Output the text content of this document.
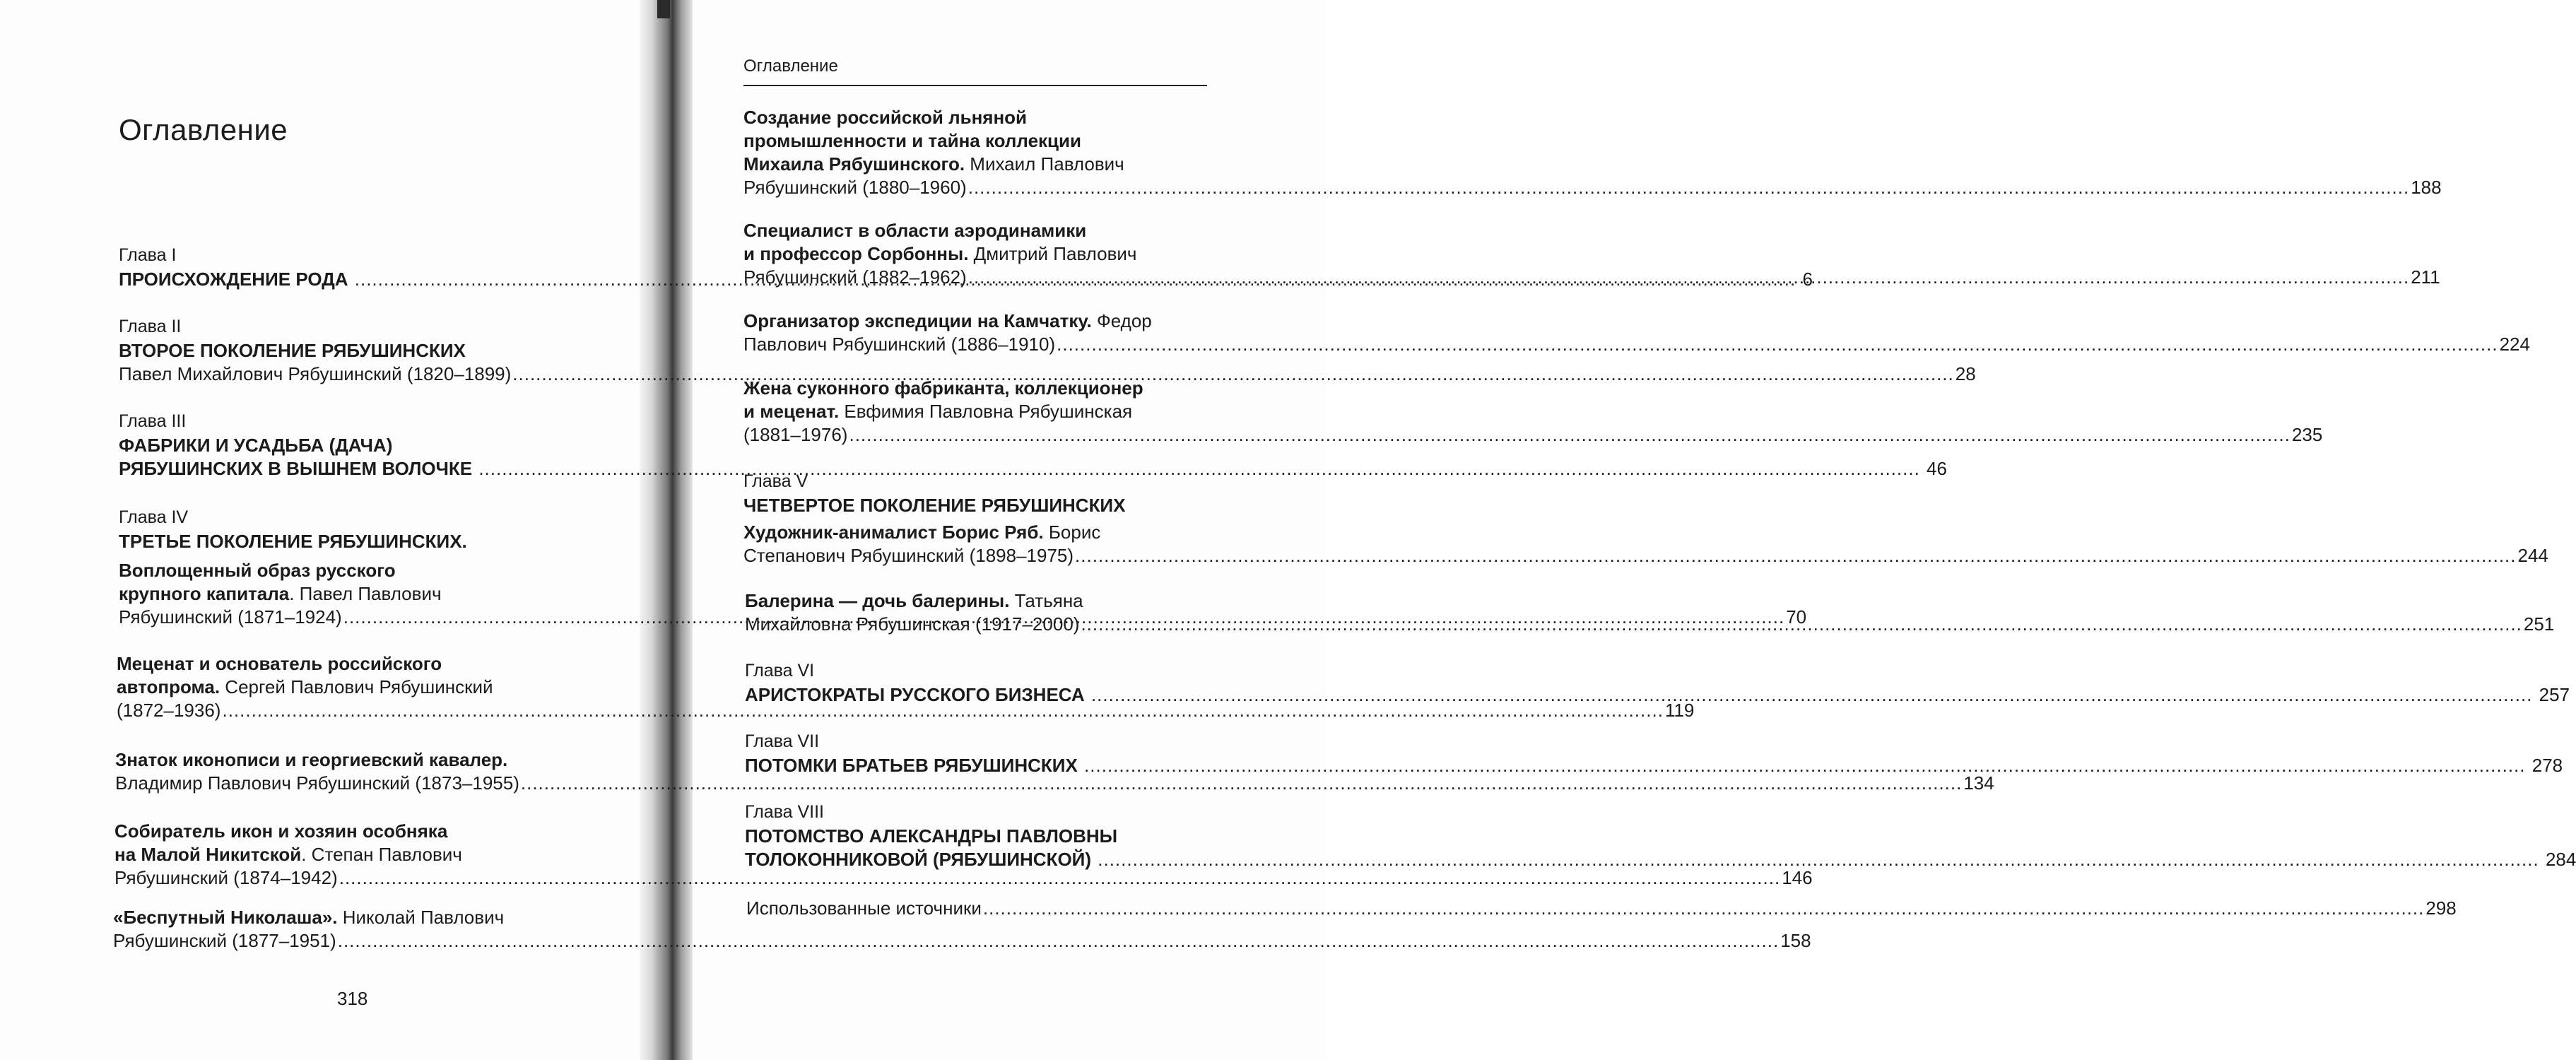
Оглавление
Глава I
ПРОИСХОЖДЕНИЕ РОДА .....	6
Глава II
ВТОРОЕ ПОКОЛЕНИЕ РЯБУШИНСКИХ
Павел Михайлович Рябушинский (1820–1899) .....	28
Глава III
ФАБРИКИ И УСАДЬБА (ДАЧА)
РЯБУШИНСКИХ В ВЫШНЕМ ВОЛОЧКЕ .....	46
Глава IV
ТРЕТЬЕ ПОКОЛЕНИЕ РЯБУШИНСКИХ.
Воплощенный образ русского
крупного капитала. Павел Павлович
Рябушинский (1871–1924) .....	70
Меценат и основатель российского
автопрома. Сергей Павлович Рябушинский
(1872–1936) .....	119
Знаток иконописи и георгиевский кавалер.
Владимир Павлович Рябушинский (1873–1955) .....	134
Собиратель икон и хозяин особняка
на Малой Никитской. Степан Павлович
Рябушинский (1874–1942) .....	146
«Беспутный Николаша». Николай Павлович
Рябушинский (1877–1951) .....	158
318
Оглавление
Создание российской льняной
промышленности и тайна коллекции
Михаила Рябушинского. Михаил Павлович
Рябушинский (1880–1960) .....	188
Специалист в области аэродинамики
и профессор Сорбонны. Дмитрий Павлович
Рябушинский (1882–1962) .....	211
Организатор экспедиции на Камчатку. Федор
Павлович Рябушинский (1886–1910) .....	224
Жена суконного фабриканта, коллекционер
и меценат. Евфимия Павловна Рябушинская
(1881–1976) .....	235
Глава V
ЧЕТВЕРТОЕ ПОКОЛЕНИЕ РЯБУШИНСКИХ
Художник-анималист Борис Ряб. Борис
Степанович Рябушинский (1898–1975) .....	244
Балерина — дочь балерины. Татьяна
Михайловна Рябушинская (1917–2000) .....	251
Глава VI
АРИСТОКРАТЫ РУССКОГО БИЗНЕСА .....	257
Глава VII
ПОТОМКИ БРАТЬЕВ РЯБУШИНСКИХ .....	278
Глава VIII
ПОТОМСТВО АЛЕКСАНДРЫ ПАВЛОВНЫ
ТОЛОКОННИКОВОЙ (РЯБУШИНСКОЙ) .....	284
Использованные источники .....	298
